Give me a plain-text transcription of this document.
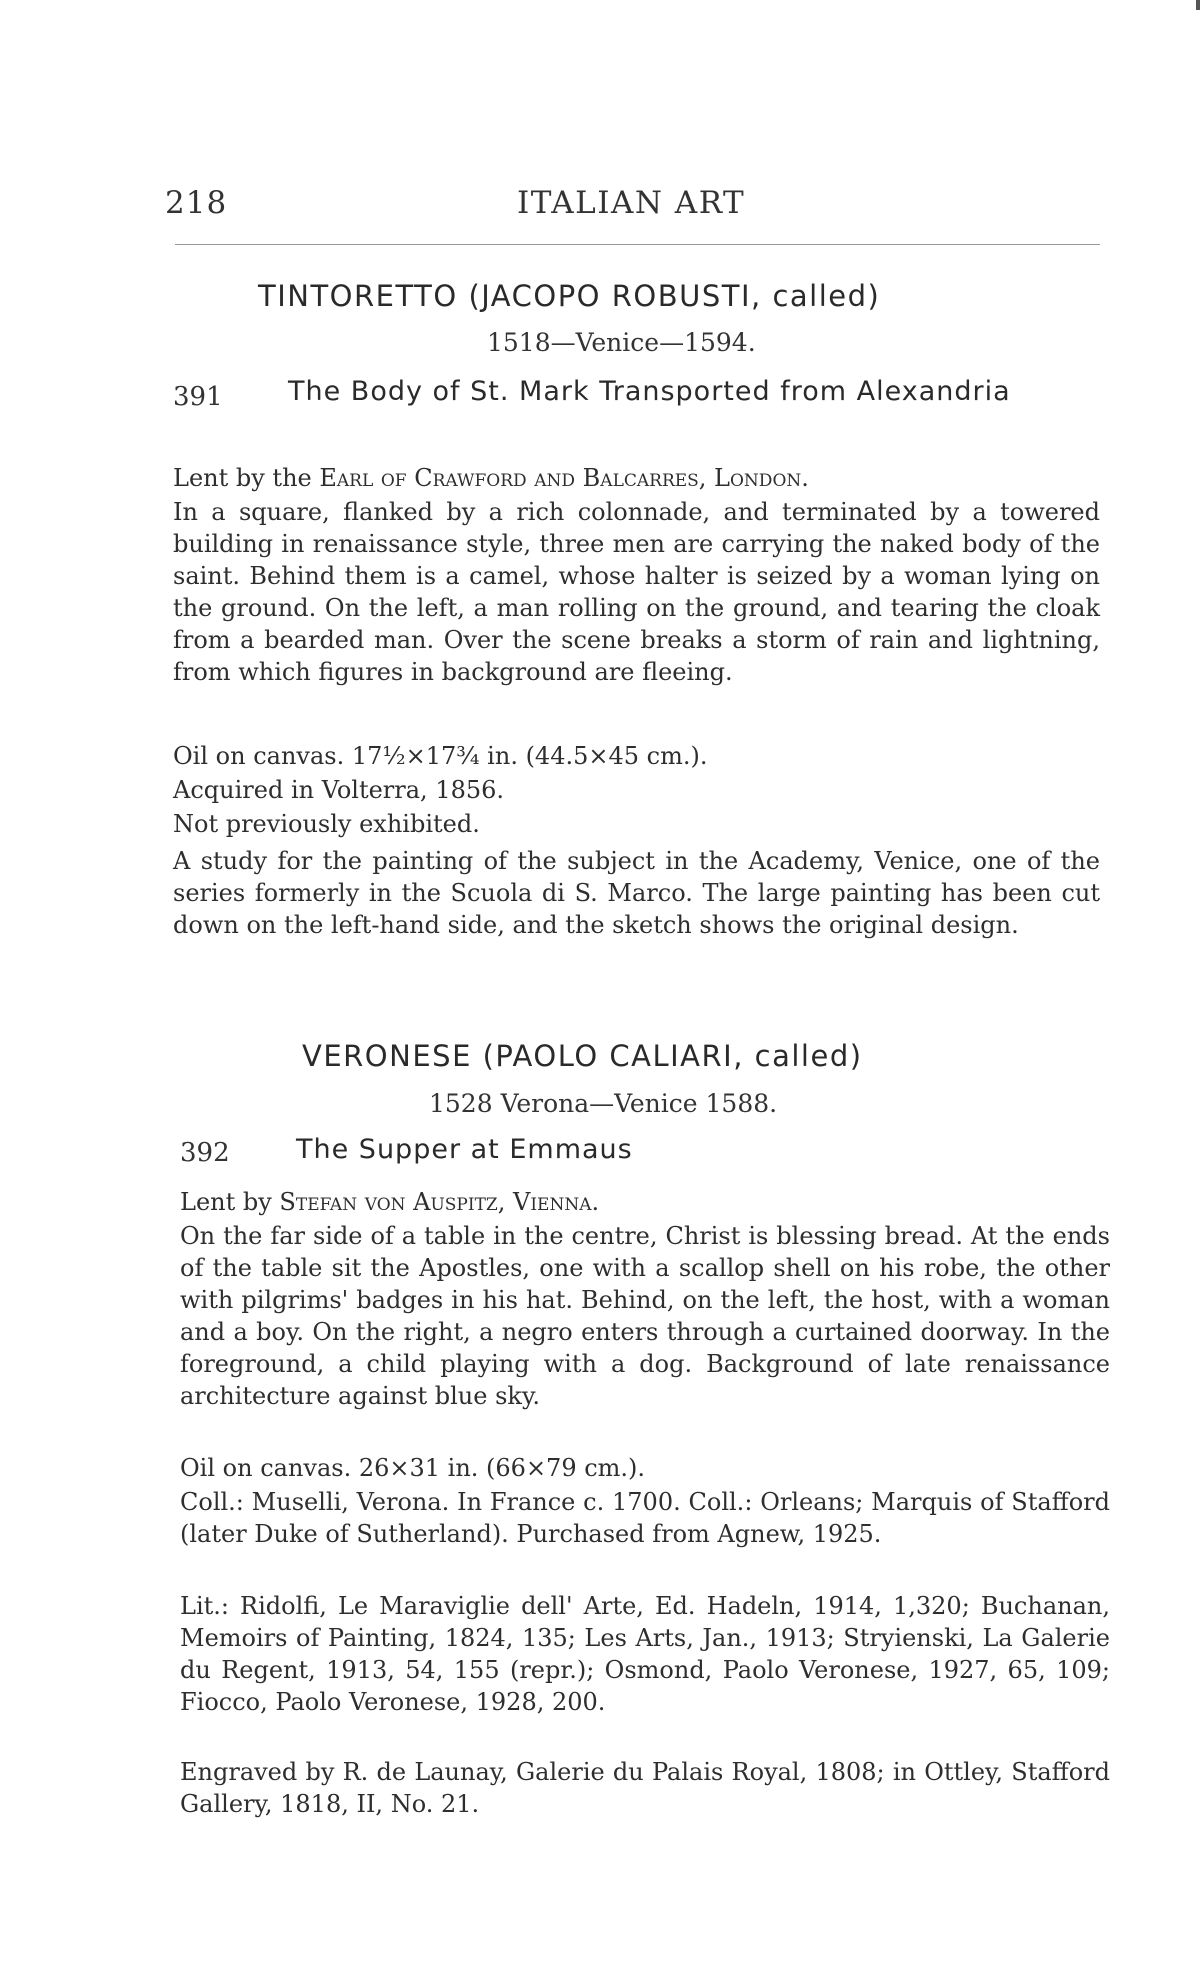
218	ITALIAN ART
TINTORETTO (JACOPO ROBUSTI, called)
1518—Venice—1594.
391 The Body of St. Mark Transported from Alexandria

Lent by the Earl of Crawford and Balcarres, London.

In a square, flanked by a rich colonnade, and terminated by a towered building in renaissance style, three men are carrying the naked body of the saint. Behind them is a camel, whose halter is seized by a woman lying on the ground. On the left, a man rolling on the ground, and tearing the cloak from a bearded man. Over the scene breaks a storm of rain and lightning, from which figures in background are fleeing.

Oil on canvas. 17½×17¾ in. (44.5×45 cm.).

Acquired in Volterra, 1856.

Not previously exhibited.

A study for the painting of the subject in the Academy, Venice, one of the series formerly in the Scuola di S. Marco. The large painting has been cut down on the left-hand side, and the sketch shows the original design.

VERONESE (PAOLO CALIARI, called)
1528 Verona—Venice 1588.
392 The Supper at Emmaus

Lent by Stefan von Auspitz, Vienna.

On the far side of a table in the centre, Christ is blessing bread. At the ends of the table sit the Apostles, one with a scallop shell on his robe, the other with pilgrims' badges in his hat. Behind, on the left, the host, with a woman and a boy. On the right, a negro enters through a curtained doorway. In the foreground, a child playing with a dog. Background of late renaissance architecture against blue sky.

Oil on canvas. 26×31 in. (66×79 cm.).

Coll.: Muselli, Verona. In France c. 1700. Coll.: Orleans; Marquis of Stafford (later Duke of Sutherland). Purchased from Agnew, 1925.

Lit.: Ridolfi, Le Maraviglie dell' Arte, Ed. Hadeln, 1914, 1,320; Buchanan, Memoirs of Painting, 1824, 135; Les Arts, Jan., 1913; Stryienski, La Galerie du Regent, 1913, 54, 155 (repr.); Osmond, Paolo Veronese, 1927, 65, 109; Fiocco, Paolo Veronese, 1928, 200.

Engraved by R. de Launay, Galerie du Palais Royal, 1808; in Ottley, Stafford Gallery, 1818, II, No. 21.
